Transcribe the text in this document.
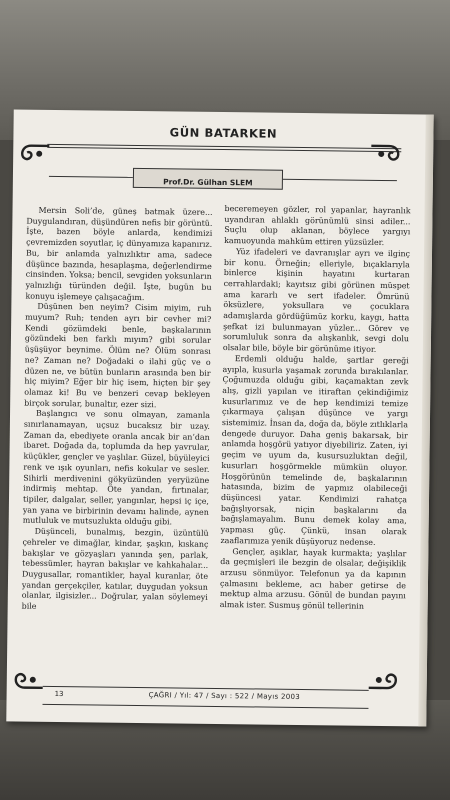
GÜN BATARKEN
Prof.Dr. Gülhan SLEM

Mersin Soli’de, güneş batmak üzere... Duygulandıran, düşündüren nefis bir görüntü. İşte, bazen böyle anlarda, kendimizi çevremizden soyutlar, iç dünyamıza kapanırız. Bu, bir anlamda yalnızlıktır ama, sadece düşünce bazında, hesaplaşma, değerlendirme cinsinden. Yoksa; bencil, sevgiden yoksunların yalnızlığı türünden değil. İşte, bugün bu konuyu işlemeye çalışacağım.

Düşünen ben neyim? Cisim miyim, ruh muyum? Ruh; tenden ayrı bir cevher mi? Kendi gözümdeki benle, başkalarının gözündeki ben farklı mıyım? gibi sorular üşüşüyor beynime. Ölüm ne? Ölüm sonrası ne? Zaman ne? Doğadaki o ilahi güç ve o düzen ne, ve bütün bunların arasında ben bir hiç miyim? Eğer bir hiç isem, hiçten bir şey olamaz ki! Bu ve benzeri cevap bekleyen birçok sorular, bunaltır, ezer sizi.

Başlangıcı ve sonu olmayan, zamanla sınırlanamayan, uçsuz bucaksız bir uzay. Zaman da, ebediyete oranla ancak bir an’dan ibaret. Doğada da, toplumda da hep yavrular, küçükler, gençler ve yaşlılar. Güzel, büyüleyici renk ve ışık oyunları, nefis kokular ve sesler. Sihirli merdivenini gökyüzünden yeryüzüne indirmiş mehtap. Öte yandan, fırtınalar, tipiler, dalgalar, seller, yangınlar, hepsi iç içe, yan yana ve birbirinin devamı halinde, aynen mutluluk ve mutsuzlukta olduğu gibi.

Düşünceli, bunalmış, bezgin, üzüntülü çehreler ve dimağlar, kindar, şaşkın, kıskanç bakışlar ve gözyaşları yanında şen, parlak, tebessümler, hayran bakışlar ve kahkahalar... Duygusallar, romantikler, hayal kuranlar, öte yandan gerçekçiler, katılar, duygudan yoksun olanlar, ilgisizler... Doğrular, yalan söylemeyi bile

beceremeyen gözler, rol yapanlar, hayranlık uyandıran ahlaklı görünümlü sinsi adiler... Suçlu olup aklanan, böylece yargıyı kamuoyunda mahkûm ettiren yüzsüzler.

Yüz ifadeleri ve davranışlar ayrı ve ilginç bir konu. Örneğin; elleriyle, bıçaklarıyla binlerce kişinin hayatını kurtaran cerrahlardaki; kayıtsız gibi görünen müspet ama kararlı ve sert ifadeler. Ömrünü öksüzlere, yoksullara ve çocuklara adamışlarda gördüğümüz korku, kaygı, hatta şefkat izi bulunmayan yüzler... Görev ve sorumluluk sonra da alışkanlık, sevgi dolu olsalar bile, böyle bir görünüme itiyor.

Erdemli olduğu halde, şartlar gereği ayıpla, kusurla yaşamak zorunda bırakılanlar. Çoğumuzda olduğu gibi, kaçamaktan zevk alış, gizli yapılan ve itiraftan çekindiğimiz kusurlarımız ve de hep kendimizi temize çıkarmaya çalışan düşünce ve yargı sistemimiz. İnsan da, doğa da, böyle zıtlıklarla dengede duruyor. Daha geniş bakarsak, bir anlamda hoşgörü yatıyor diyebiliriz. Zaten, iyi geçim ve uyum da, kusursuzluktan değil, kusurları hoşgörmekle mümkün oluyor. Hoşgörünün temelinde de, başkalarının hatasında, bizim de yapmız olabileceği düşüncesi yatar. Kendimizi rahatça bağışlıyorsak, niçin başkalarını da bağışlamayalım. Bunu demek kolay ama, yapması güç. Çünkü, insan olarak zaaflarımıza yenik düşüyoruz nedense.

Gençler, aşıklar, hayak kurmakta; yaşlılar da geçmişleri ile bezgin de olsalar, değişiklik arzusu sönmüyor. Telefonun ya da kapının çalmasını bekleme, acı haber getirse de mektup alma arzusu. Gönül de bundan payını almak ister. Susmuş gönül tellerinin

13	ÇAĞRI / Yıl: 47 / Sayı : 522 / Mayıs 2003
